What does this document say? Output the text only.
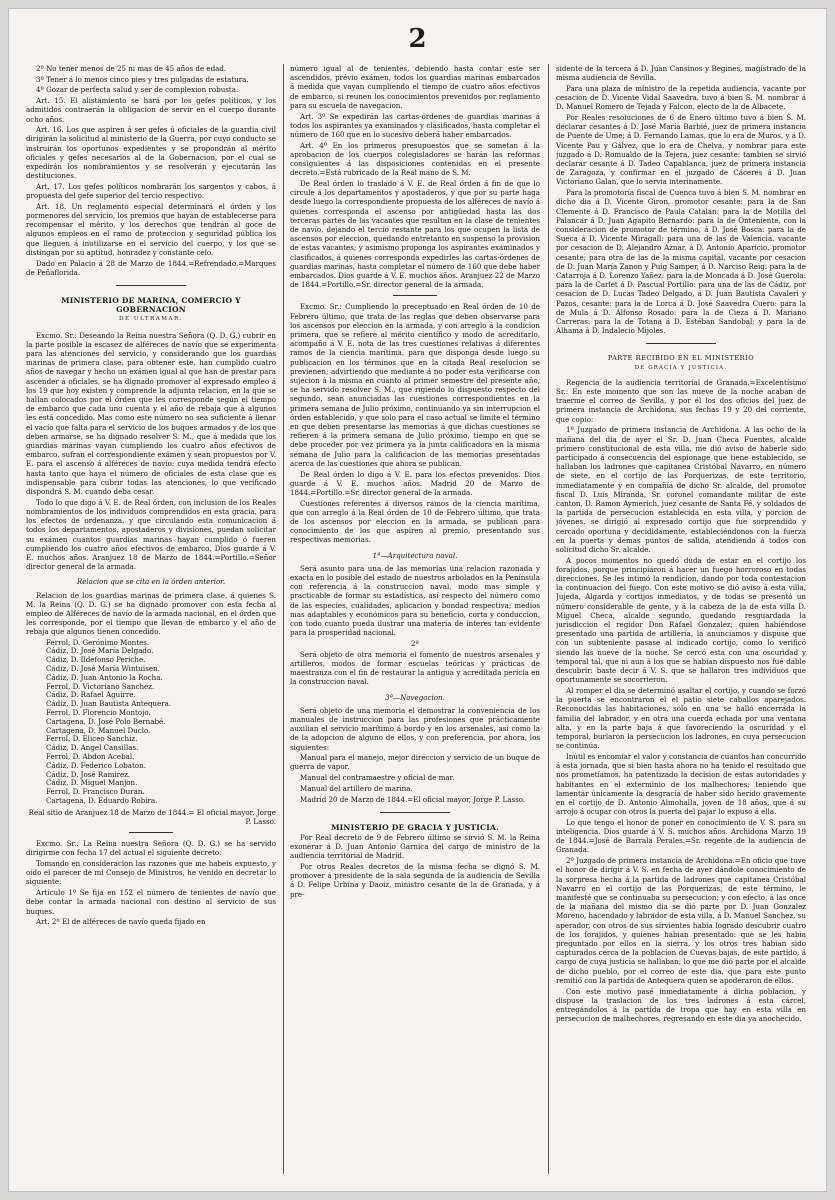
2

2º No tener menos de 25 ni mas de 45 años de edad.

3º Tener á lo menos cinco pies y tres pulgadas de estatura.

4º Gozar de perfecta salud y ser de complexion robusta.

Art. 15. El alistamiento se hará por los gefes políticos, y los admitidos contraerán la obligacion de servir en el cuerpo durante ocho años.

Art. 16. Los que aspiren á ser gefes ú oficiales de la guardia civil dirigirán la solicitud al ministerio de la Guerra, por cuyo conducto se instruirán los oportunos expedientes y se propondrán al mérito oficiales y gefes necesarios al de la Gobernacion, por el cual se expedirán los nombramientos y se resolverán y ejecutarán las destituciones.

Art. 17. Los gefes políticos nombrarán los sargentos y cabos, á propuesta del gefe superior del tercio respectivo.

Art. 18. Un reglamento especial determinará el órden y los pormenores del servicio, los premios que hayan de establecerse para recompensar el mérito, y los derechos que tendrán al goce de algunos empleos en el ramo de proteccion y seguridad pública los que lleguen á inutilizarse en el servicio del cuerpo, y los que se distingan por su aptitud, honradez y constante celo.

Dado en Palacio á 28 de Marzo de 1844.=Refrendado.=Marques de Peñaflorida.

MINISTERIO DE MARINA, COMERCIO Y GOBERNACION

DE ULTRAMAR.

Excmo. Sr.: Deseando la Reina nuestra Señora (Q. D. G.) cubrir en la parte posible la escasez de alféreces de navío que se experimenta para las atenciones del servicio, y considerando que los guardias marinas de primera clase, para obtener este, han cumplido cuatro años de navegar y hecho un exámen igual al que han de prestar para ascender á oficiales, se ha dignado promover al expresado empleo á los 19 que hoy existen y comprende la adjunta relacion, en la que se hallan colocados por el órden que les corresponde según el tiempo de embarco que cada uno cuenta y el año de rebaja que á algunos les está concedido. Mas como este número no sea suficiente á llenar el vacío que falta para el servicio de los buques armados y de los que deben armarse, se ha dignado resolver S. M., que á medida que los guardias marinas vayan cumpliendo los cuatro años efectivos de embarco, sufran el correspondiente exámen y sean propuestos por V. E. para el ascenso á alféreces de navío: cuya medida tendrá efecto hasta tanto que haya el número de oficiales de esta clase que es indispensable para cubrir todas las atenciones, lo que verificado dispondrá S. M. cuando deba cesar.

Todo lo que digo á V. E. de Real órden, con inclusion de los Reales nombramientos de los individuos comprendidos en esta gracia, para los efectos de ordenanza, y que circulando esta comunicacion á todos los departamentos, apostaderos y divisiones, puedan solicitar su exámen cuantos guardias marinas hayan cumplido ó fueren cumpliendo los cuatro años efectivos de embarco. Dios guarde á V. E. muchos años. Aranjuez 18 de Marzo de 1844.=Portillo.=Señor director general de la armada.

Relacion que se cita en la órden anterior.

Relacion de los guardias marinas de primera clase, á quienes S. M. la Reina (Q. D. G.) se ha dignado promover con esta fecha al empleo de Alféreces de navío de la armada nacional, en el órden que les corresponde, por el tiempo que llevan de embarco y el año de rebaja que algunos tienen concedido.

Ferrol, D. Gerónimo Montes.
Cádiz, D. José María Delgado.
Cádiz, D. Ildefonso Periche.
Cádiz, D. José María Wintuisen.
Cádiz, D. Juan Antonio la Rocha.
Ferrol, D. Victoriano Sanchez.
Cádiz, D. Rafael Aguirre.
Cádiz, D. Juan Bautista Antequera.
Ferrol, D. Florencio Montojo.
Cartagena, D. José Polo Bernabé.
Cartagena, D. Manuel Duclo.
Ferrol, D. Eliceo Sanchiz.
Cádiz, D. Angel Cansillas.
Ferrol, D. Abdon Acebal.
Cádiz, D. Federico Lobaton.
Cádiz, D. José Ramirez.
Cádiz, D. Miguel Manjon.
Ferrol, D. Francisco Duran.
Cartagena, D. Eduardo Robira.

Real sitio de Aranjuez 18 de Marzo de 1844.= El oficial mayor, Jorge P. Lasso.

Excmo. Sr.: La Reina nuestra Señora (Q. D. G.) se ha servido dirigirme con fecha 17 del actual el siguiente decreto:

Tomando en consideracion las razones que me habeis expuesto, y oido el parecer de mi Consejo de Ministros, he venido en decretar lo siguiente:

Artículo 1º Se fija en 152 el número de tenientes de navío que debe contar la armada nacional con destino al servicio de sus buques.

Art. 2º El de alféreces de navío queda fijado en

número igual al de tenientes, debiendo hasta contar este ser ascendidos, prévio exámen, todos los guardias marinas embarcados á medida que vayan cumpliendo el tiempo de cuatro años efectivos de embarco, si reunen los conocimientos prevenidos por reglamento para su escuela de navegacion.

Art. 3º Se expedirán las cartas-órdenes de guardias marinas á todos los aspirantes ya examinados y clasificados, hasta completar el número de 160 que en lo sucesivo deberá haber embarcados.

Art. 4º En los primeros presupuestos que se sometan á la aprobacion de los cuerpos colegisladores se harán las reformas consiguientes á las disposiciones contenidas en el presente decreto.=Está rubricado de la Real mano de S. M.

De Real órden lo traslado á V. E. de Real órden á fin de que lo circule á los departamentos y apostaderos, y que por su parte haga desde luego la correspondiente propuesta de los alféreces de navío á quienes corresponda el ascenso por antigüedad hasta las dos terceras partes de las vacantes que resultan en la clase de tenientes de navío, dejando el tercio restante para los que ocupen la lista de ascensos por eleccion, quedando entretanto en suspenso la provision de estas vacantes; y asimismo proponga los aspirantes examinados y clasificados, á quienes corresponda expedirles las cartas-órdenes de guardias marinas, hasta completar el número de 160 que debe haber embarcados. Dios guarde á V. E. muchos años. Aranjuez 22 de Marzo de 1844.=Portillo.=Sr. director general de la armada.

Excmo. Sr.: Cumpliendo lo preceptuado en Real órden de 10 de Febrero último, que trata de las reglas que deben observarse para los ascensos por eleccion en la armada, y con arreglo á la condicion primera, que se refiere al mérito científico y modo de acreditarlo, acompaño á V. E. nota de las tres cuestiones relativas á diferentes ramos de la ciencia marítima, para que disponga desde luego su publicacion en los términos que en la citada Real resolucion se previenen; advirtiendo que mediante á no poder esta verificarse con sujecion á la misma en cuanto al primer semestre del presente año, se ha servido resolver S. M., que rigiendo lo dispuesto respecto del segundo, sean anunciadas las cuestiones correspondientes en la primera semana de Julio próximo, continuando ya sin interrupcion el órden establecido, y que solo para el caso actual se limite el término en que deben presentarse las memorias á que dichas cuestiones se refieren á la primera semana de Julio próximo, tiempo en que se debe proceder por vez primera ya la junta calificadora en la misma semana de Julio para la calificacion de las memorias presentadas acerca de las cuestiones que ahora se publican.

De Real órden lo digo á V. E. para los efectos prevenidos. Dios guarde á V. E. muchos años. Madrid 20 de Marzo de 1844.=Portillo.=Sr. director general de la armada.

Cuestiones referentes á diversos ramos de la ciencia marítima, que con arreglo á la Real órden de 10 de Febrero último, que trata de los ascensos por eleccion en la armada, se publican para conocimiento de los que aspiren al premio, presentando sus respectivas memorias.

1ª—Arquitectura naval.

Será asunto para una de las memorias una relacion razonada y exacta en lo posible del estado de nuestros arbolados en la Península con referencia á la construccion naval, modo mas simple y practicable de formar su estadística, así respecto del número como de las especies, cualidades, aplicacion y bondad respectiva; medios mas adaptables y económicos para su beneficio, corta y conduccion, con todo cuanto pueda ilustrar una materia de interes tan evidente para la prosperidad nacional.

2ª

Será objeto de otra memoria el fomento de nuestros arsenales y artilleros, modos de formar escuelas teóricas y prácticas de maestranza con el fin de restaurar la antigua y acreditada pericia en la construccion naval.

3ª—Navegacion.

Será objeto de una memoria el demostrar la conveniencia de los manuales de instruccion para las profesiones que prácticamente auxilian el servicio marítimo á bordo y en los arsenales, así como la de la adopcion de alguno de ellos, y con preferencia, por ahora, los siguientes:

Manual para el manejo, mejor direccion y servicio de un buque de guerra de vapor.

Manual del contramaestre y oficial de mar.

Manual del artillero de marina.

Madrid 20 de Marzo de 1844.=El oficial mayor, Jorge P. Lasso.

MINISTERIO DE GRACIA Y JUSTICIA.

Por Real decreto de 9 de Febrero último se sirvió S. M. la Reina exonerar á D. Juan Antonio Garnica del cargo de ministro de la audiencia territorial de Madrid.

Por otros Reales decretos de la misma fecha se dignó S. M. promover á presidente de la sala segunda de la audiencia de Sevilla á D. Felipe Urbina y Daoiz, ministro cesante de la de Granada, y á pre-

sidente de la tercera á D. Juan Cansinos y Begines, magistrado de la misma audiencia de Sevilla.

Para una plaza de ministro de la repetida audiencia, vacante por cesacion de D. Vicente Vidal Saavedra, tuvo á bien S. M. nombrar á D. Manuel Romero de Tejada y Falcon, electo de la de Albacete.

Por Reales resoluciones de 6 de Enero último tuvo á bien S. M. declarar cesantes á D. José María Barbié, juez de primera instancia de Puente de Ume; á D. Fernando Lamas, que lo era de Muros, y á D. Vicente Pau y Gálvez, que lo era de Chelva, y nombrar para este juzgado á D. Romualdo de la Tejera, juez cesante: tambien se sirvió declarar cesante á D. Tadeo Capablanca, juez de primera instancia de Zaragoza, y confirmar en el juzgado de Cáceres á D. Juan Victoriano Galan, que lo servia interinamente.

Para la promotoría fiscal de Cuenca tuvo á bien S. M. nombrar en dicho dia á D. Vicente Giron, promotor cesante: para la de San Clemente á D. Francisco de Paula Catalan: para la de Motilla del Palancar á D. Juan Agapito Bernardo: para la de Onteniente, con la consideracion de promotor de término, á D. José Bosca: para la de Sueca á D. Vicente Miragall: para una de las de Valencia, vacante por cesacion de D. Alejandro Aznar, á D. Antonio Aparicio, promotor cesante; para otra de las de la misma capital, vacante por cesacion de D. Juan María Zanon y Puig Samper, á D. Narciso Reig: para la de Catarroja á D. Lorenzo Yañez: para la de Moncada á D. José Guerola: para la de Carlet á D. Pascual Portillo: para una de las de Cádiz, por cesacion de D. Lucas Tadeo Delgado, á D. Juan Bautista Cavaleri y Pazos, cesante: para la de Lorca á D. José Saavedra Cuero: para la de Mula á D. Alfonso Rosado: para la de Cieza á D. Mariano Carreras: para la de Totana á D. Estéban Sandobal; y para la de Alhama á D. Indalecio Mijoles.

PARTE RECIBIDO EN EL MINISTERIO

DE GRACIA Y JUSTICIA.

Regencia de la audiencia territorial de Granada.=Excelentísimo Sr.: En este momento que son las nueve de la noche acaban de traerme el correo de Sevilla, y por él los dos oficios del juez de primera instancia de Archidona, sus fechas 19 y 20 del corriente, que copio:

1º Juzgado de primera instancia de Archidona. A las ocho de la mañana del dia de ayer el Sr. D. Juan Checa Fuentes, alcalde primero constitucional de esta villa, me dió aviso de haberle sido participado á consecuencia del espionage que tiene establecido, se hallaban los ladrones que capitanea Cristóbal Navarro, en número de siete, en el cortijo de las Porquerizas, de este territorio, inmediatamente y en compañía de dicho Sr. alcalde, del promotor fiscal D. Luis Miranda, Sr. coronel comandante militar de este canton, D. Ramon Aymerich, juez cesante de Santa Fé, y soldados de la partida de persecucion establecida en esta villa, y porcion de jóvenes, se dirigió al expresado cortijo que fue sorprendido y cercado oportuna y decididamente, estableciéndonos con la fuerza en la puerta y demas puntos de salida, atendiendo á todos con solicitud dicho Sr. alcalde.

A pocos momentos no quedó duda de estar en el cortijo los forajidos, porque principiaron á hacer un fuego horroroso en todas direcciones. Se les intimó la rendicion, dando por toda contestacion la continuacion del fuego. Con este motivo se dió aviso á esta villa, Jujeda, Algarda y cortijos inmediatos, y de todas se presentó un número considerable de gente, y á la cabeza de la de esta villa D. Miguel Checa, alcalde segundo, quedando resguardada la jurisdiccion el regidor Don Rafael Gonzalez; quien habiéndose presentado una partida de artillería, la anunciamos y dispuse que con un subteniente pasase al indicado cortijo, como lo verificó siendo las nueve de la noche. Se cercó esta con una oscuridad y temporal tal, que ni aun á los que se habian dispuesto nos fué dable descubrir: baste decir á V. S. que se hallaron tres individuos que oportunamente se socorrieron.

Al romper el dia se determinó asaltar el cortijo, y cuando se forzó la puerta se encontraron el el patio siete caballos aparejados. Reconocidas las habitaciones, solo en una se halló encerrada la familia del labrador, y en otra una cuerda echada por una ventana alta, y en la parte baja á que favoreciendo la oscuridad y el temporal, burlaron la persecucion los ladrones, en cuya persecucion se continúa.

Inútil es encomiar el valor y constancia de cuantos han concurrido á esta jornada, que si bien hasta ahora no ha tenido el resultado que nos prometíamos, ha patentizado la decision de estas autoridades y habitantes en el exterminio de los malhechores; teniendo que lamentar únicamente la desgracia de haber sido herido gravemente en el cortijo de D. Antonio Almohalla, joven de 18 años, que á su arrojo á ocupar con otros la puerta del pajar lo expuso á ella.

Lo que tengo el honor de poner en conocimiento de V. S. para su inteligencia. Dios guarde á V. S. muchos años. Archidona Marzo 19 de 1844.=José de Barrala Perales.=Sr. regente de la audiencia de Granada.

2º Juzgado de primera instancia de Archidona.=En oficio que tuve el honor de dirigir á V. S. en fecha de ayer dándole conocimiento de la sorpresa hecha á la partida de ladrones que capitanea Cristóbal Navarro en el cortijo de las Porquerizas, de este término, le manifesté que se continuaba su persecucion; y con efecto, á las once de la mañana del mismo dia se dió parte por D. Juan Gonzalez Moreno, hacendado y labrador de esta villa, á D. Manuel Sanchez, su aperador, con otros de sus sirvientes habia logrado descubrir cuatro de los forajidos, y quienes habian presentado: que se les habia preguntado por ellos en la sierra, y los otros tres habian sido capturados cerca de la poblacion de Cuevas bajas, de este partido, á cargo de cuya justicia se hallaban; lo que me dió parte por el alcalde de dicho pueblo, por el correo de este dia, que para este punto remitió con la partida de Antequera quien se apoderaron de ellos.

Con este motivo pasé inmediatamente á dicha poblacion, y dispuse la traslacion de los tres ladrones á esta cárcel, entregándolos á la partida de tropa que hay en esta villa en persecucion de malhechores, regresando en este dia ya anochecido.
